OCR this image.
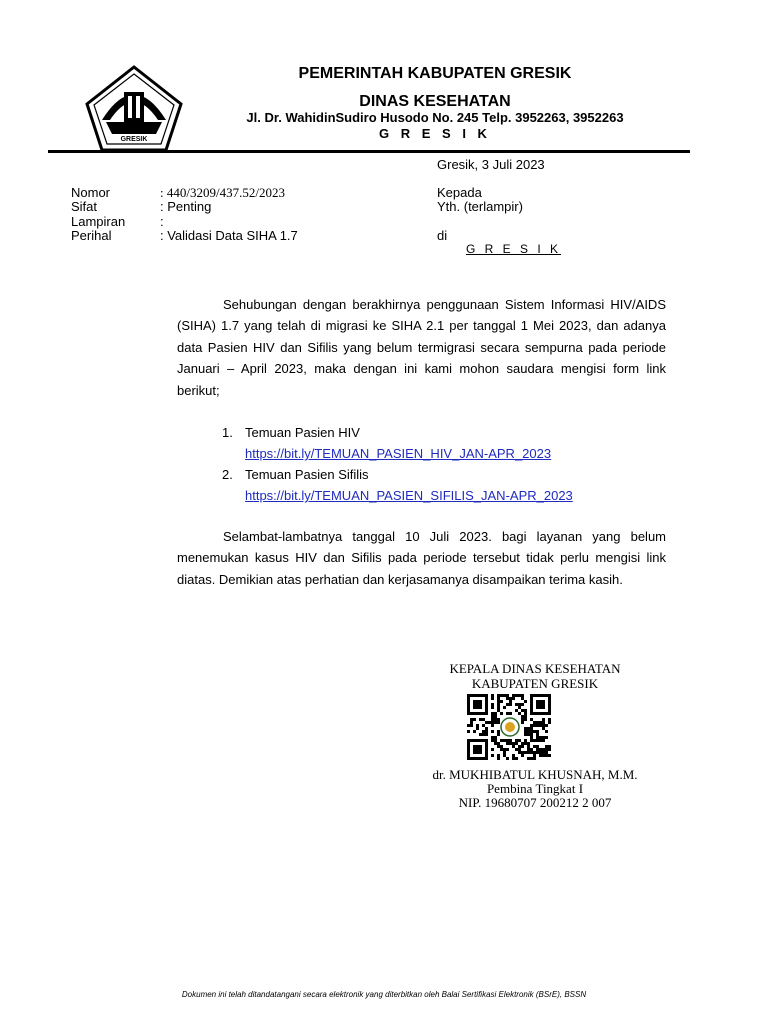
GRESIK
PEMERINTAH KABUPATEN GRESIK
DINAS KESEHATAN
Jl. Dr. WahidinSudiro Husodo No. 245 Telp. 3952263, 3952263
G R E S I K
Gresik, 3 Juli 2023
Nomor	: 440/3209/437.52/2023
Sifat	: Penting
Lampiran	:
Perihal	: Validasi Data SIHA 1.7
Kepada
Yth. (terlampir)
di
G R E S I K

Sehubungan dengan berakhirnya penggunaan Sistem Informasi HIV/AIDS (SIHA) 1.7 yang telah di migrasi ke SIHA 2.1 per tanggal 1 Mei 2023, dan adanya data Pasien HIV dan Sifilis yang belum termigrasi secara sempurna pada periode Januari – April 2023, maka dengan ini kami mohon saudara mengisi form link berikut;

1. Temuan Pasien HIV
https://bit.ly/TEMUAN_PASIEN_HIV_JAN-APR_2023
2. Temuan Pasien Sifilis
https://bit.ly/TEMUAN_PASIEN_SIFILIS_JAN-APR_2023

Selambat-lambatnya tanggal 10 Juli 2023. bagi layanan yang belum menemukan kasus HIV dan Sifilis pada periode tersebut tidak perlu mengisi link diatas. Demikian atas perhatian dan kerjasamanya disampaikan terima kasih.

KEPALA DINAS KESEHATAN
KABUPATEN GRESIK
dr. MUKHIBATUL KHUSNAH, M.M.
Pembina Tingkat I
NIP. 19680707 200212 2 007
Dokumen ini telah ditandatangani secara elektronik yang diterbitkan oleh Balai Sertifikasi Elektronik (BSrE), BSSN
